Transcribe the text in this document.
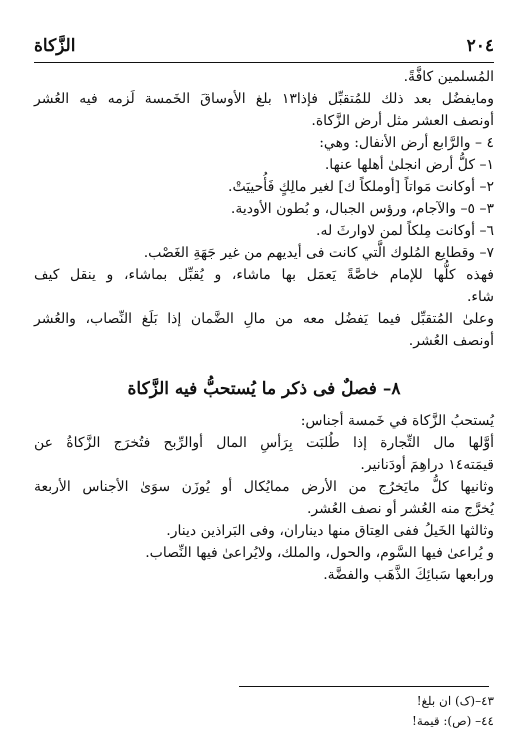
٢٠٤
الزَّكاة
المُسلمين كافَّةً.
ومايفضُل بعد ذلك للمُتقبِّل فإذا١٣ بلغ الأوساقَ الخَمسة لَزمه فيه العُشر
أونصف العشر مثل أرض الزَّكاة.
٤ – والرَّابع أرض الأنفال: وهي:
١– كلُّ أرض انجلىٰ أهلها عنها.
٢– أوكانت مَواتاً [أوملكاً ك] لغير مالِكٍ فَأُحييَتْ.
٣– ٥– والآجام، ورؤس الجبال، و بُطون الأودية.
٦– أوكانت مِلكاً لمن لاوارثَ له.
٧– وقطايع المُلوك الَّتي كانت فى أيديهم من غير جَهَةِ الغَصْب.
فهذه كلُّها للإمام خاصَّةً يَعمَل بها ماشاء، و يُقبِّل بماشاء، و ينقل كيف
شاء.
وعلىٰ المُتقبِّل فيما يَفضُل معه من مالِ الضَّمان إذا بَلَغ النِّصاب، والعُشر
أونصف العُشر.
٨– فصلٌ فى ذكر ما يُستحبُّ فيه الزَّكاة
يُستحبُ الزَّكاة في خَمسة أجناس:
أوَّلها مال التِّجارة إذا طُلبَت بِرَأسِ المال أوالرِّبح فتُخرَج الزَّكاةُ عن
قيمَته١٤ دراهِمَ أودَنانير.
وثانيها كلُّ مايَخرُج من الأرض ممايُكال أو يُوزَن سوَىٰ الأجناس الأربعة
يُخرَّج منه العُشر أو نصف العُشر.
وثالثها الخَيلُ ففى العِتاق منها ديناران، وفى البَراذين دينار.
و يُراعىٰ فيها السَّوم، والحول، والملك، ولايُراعىٰ فيها النِّصاب.
ورابعها سَبائِكَ الذَّهَب والفضَّة.
٤٣–(ک) ان بلغ!
٤٤– (ص): قيمة!
